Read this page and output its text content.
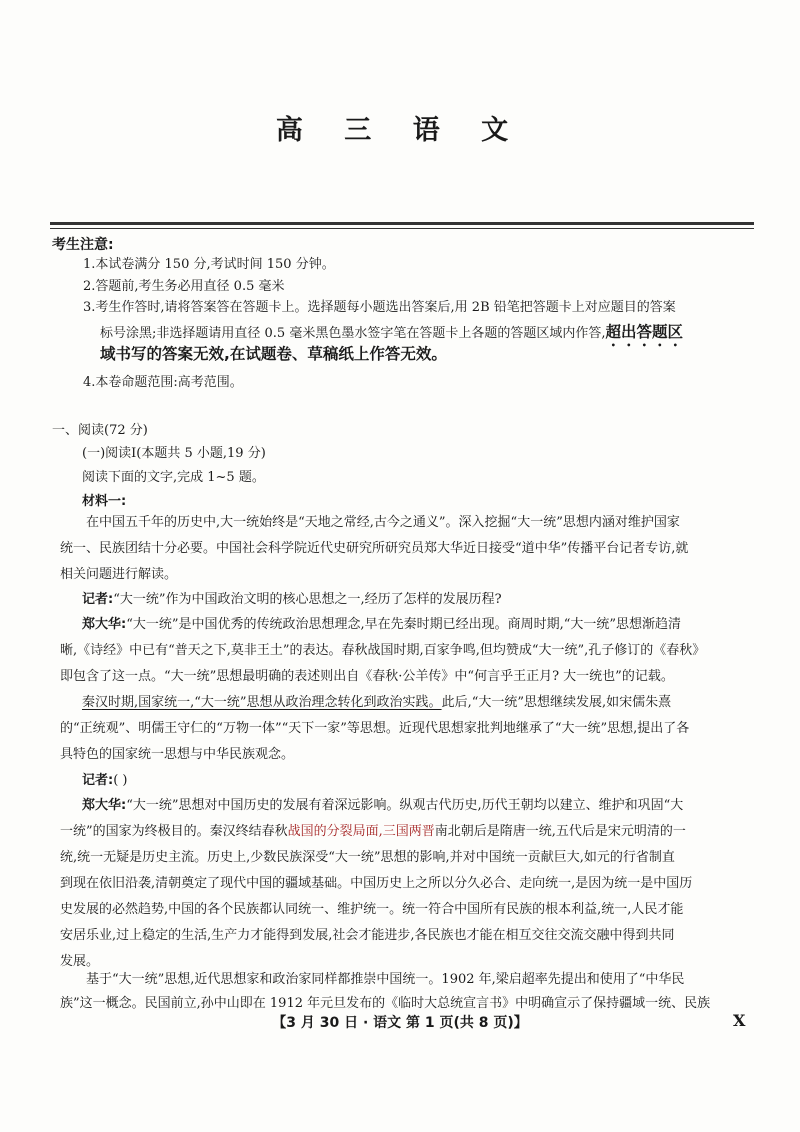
高 三 语 文
考生注意:
1.本试卷满分 150 分,考试时间 150 分钟。
2.答题前,考生务必用直径 0.5 毫米
3.考生作答时,请将答案答在答题卡上。选择题每小题选出答案后,用 2B 铅笔把答题卡上对应题目的答案
标号涂黑;非选择题请用直径 0.5 毫米黑色墨水签字笔在答题卡上各题的答题区域内作答,超出答题区
域书写的答案无效,在试题卷、草稿纸上作答无效。
4.本卷命题范围:高考范围。
一、阅读(72 分)
(一)阅读Ⅰ(本题共 5 小题,19 分)
阅读下面的文字,完成 1~5 题。
材料一:
在中国五千年的历史中,大一统始终是“天地之常经,古今之通义”。深入挖掘“大一统”思想内涵对维护国家
统一、民族团结十分必要。中国社会科学院近代史研究所研究员郑大华近日接受“道中华”传播平台记者专访,就
相关问题进行解读。
记者:“大一统”作为中国政治文明的核心思想之一,经历了怎样的发展历程?
郑大华:“大一统”是中国优秀的传统政治思想理念,早在先秦时期已经出现。商周时期,“大一统”思想渐趋清
晰,《诗经》中已有“普天之下,莫非王土”的表达。春秋战国时期,百家争鸣,但均赞成“大一统”,孔子修订的《春秋》
即包含了这一点。“大一统”思想最明确的表述则出自《春秋·公羊传》中“何言乎王正月? 大一统也”的记载。
秦汉时期,国家统一,“大一统”思想从政治理念转化到政治实践。此后,“大一统”思想继续发展,如宋儒朱熹
的“正统观”、明儒王守仁的“万物一体”“天下一家”等思想。近现代思想家批判地继承了“大一统”思想,提出了各
具特色的国家统一思想与中华民族观念。
记者:( )
郑大华:“大一统”思想对中国历史的发展有着深远影响。纵观古代历史,历代王朝均以建立、维护和巩固“大
一统”的国家为终极目的。秦汉终结春秋战国的分裂局面,三国两晋南北朝后是隋唐一统,五代后是宋元明清的一
统,统一无疑是历史主流。历史上,少数民族深受“大一统”思想的影响,并对中国统一贡献巨大,如元的行省制直
到现在依旧沿袭,清朝奠定了现代中国的疆域基础。中国历史上之所以分久必合、走向统一,是因为统一是中国历
史发展的必然趋势,中国的各个民族都认同统一、维护统一。统一符合中国所有民族的根本利益,统一,人民才能
安居乐业,过上稳定的生活,生产力才能得到发展,社会才能进步,各民族也才能在相互交往交流交融中得到共同
发展。
基于“大一统”思想,近代思想家和政治家同样都推崇中国统一。1902 年,梁启超率先提出和使用了“中华民
族”这一概念。民国前立,孙中山即在 1912 年元旦发布的《临时大总统宣言书》中明确宣示了保持疆域一统、民族
【3 月 30 日 · 语文 第 1 页(共 8 页)】	X
